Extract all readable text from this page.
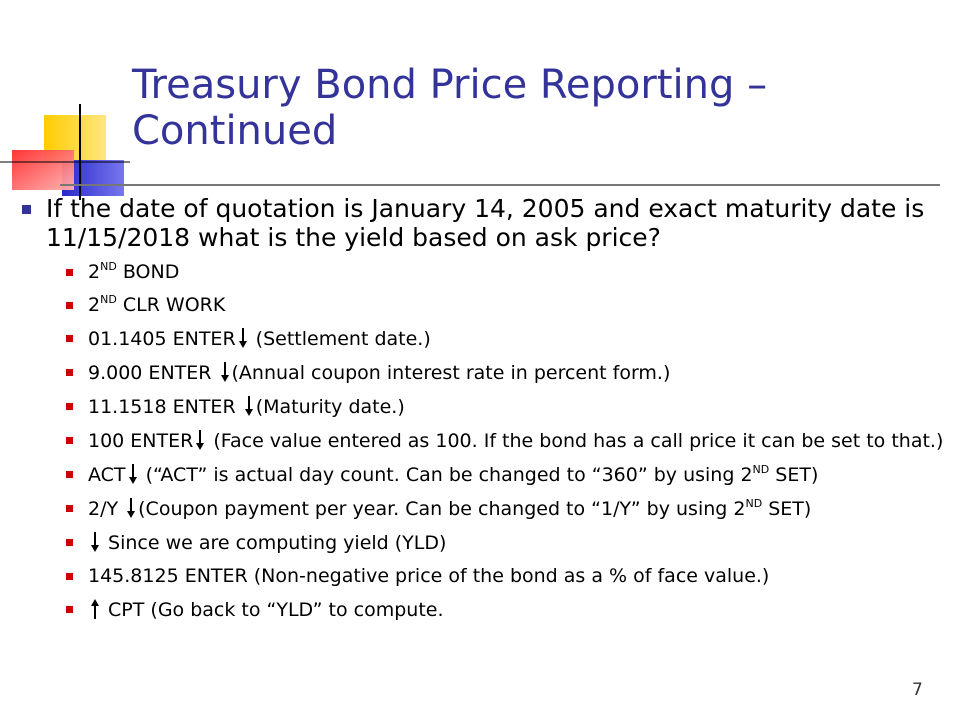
Treasury Bond Price Reporting – Continued
If the date of quotation is January 14, 2005 and exact maturity date is 11/15/2018 what is the yield based on ask price?
2ND BOND
2ND CLR WORK
01.1405 ENTER (Settlement date.)
9.000 ENTER (Annual coupon interest rate in percent form.)
11.1518 ENTER (Maturity date.)
100 ENTER (Face value entered as 100. If the bond has a call price it can be set to that.)
ACT (“ACT” is actual day count. Can be changed to “360” by using 2ND SET)
2/Y (Coupon payment per year. Can be changed to “1/Y” by using 2ND SET)
Since we are computing yield (YLD)
145.8125 ENTER (Non-negative price of the bond as a % of face value.)
CPT (Go back to “YLD” to compute.
7
